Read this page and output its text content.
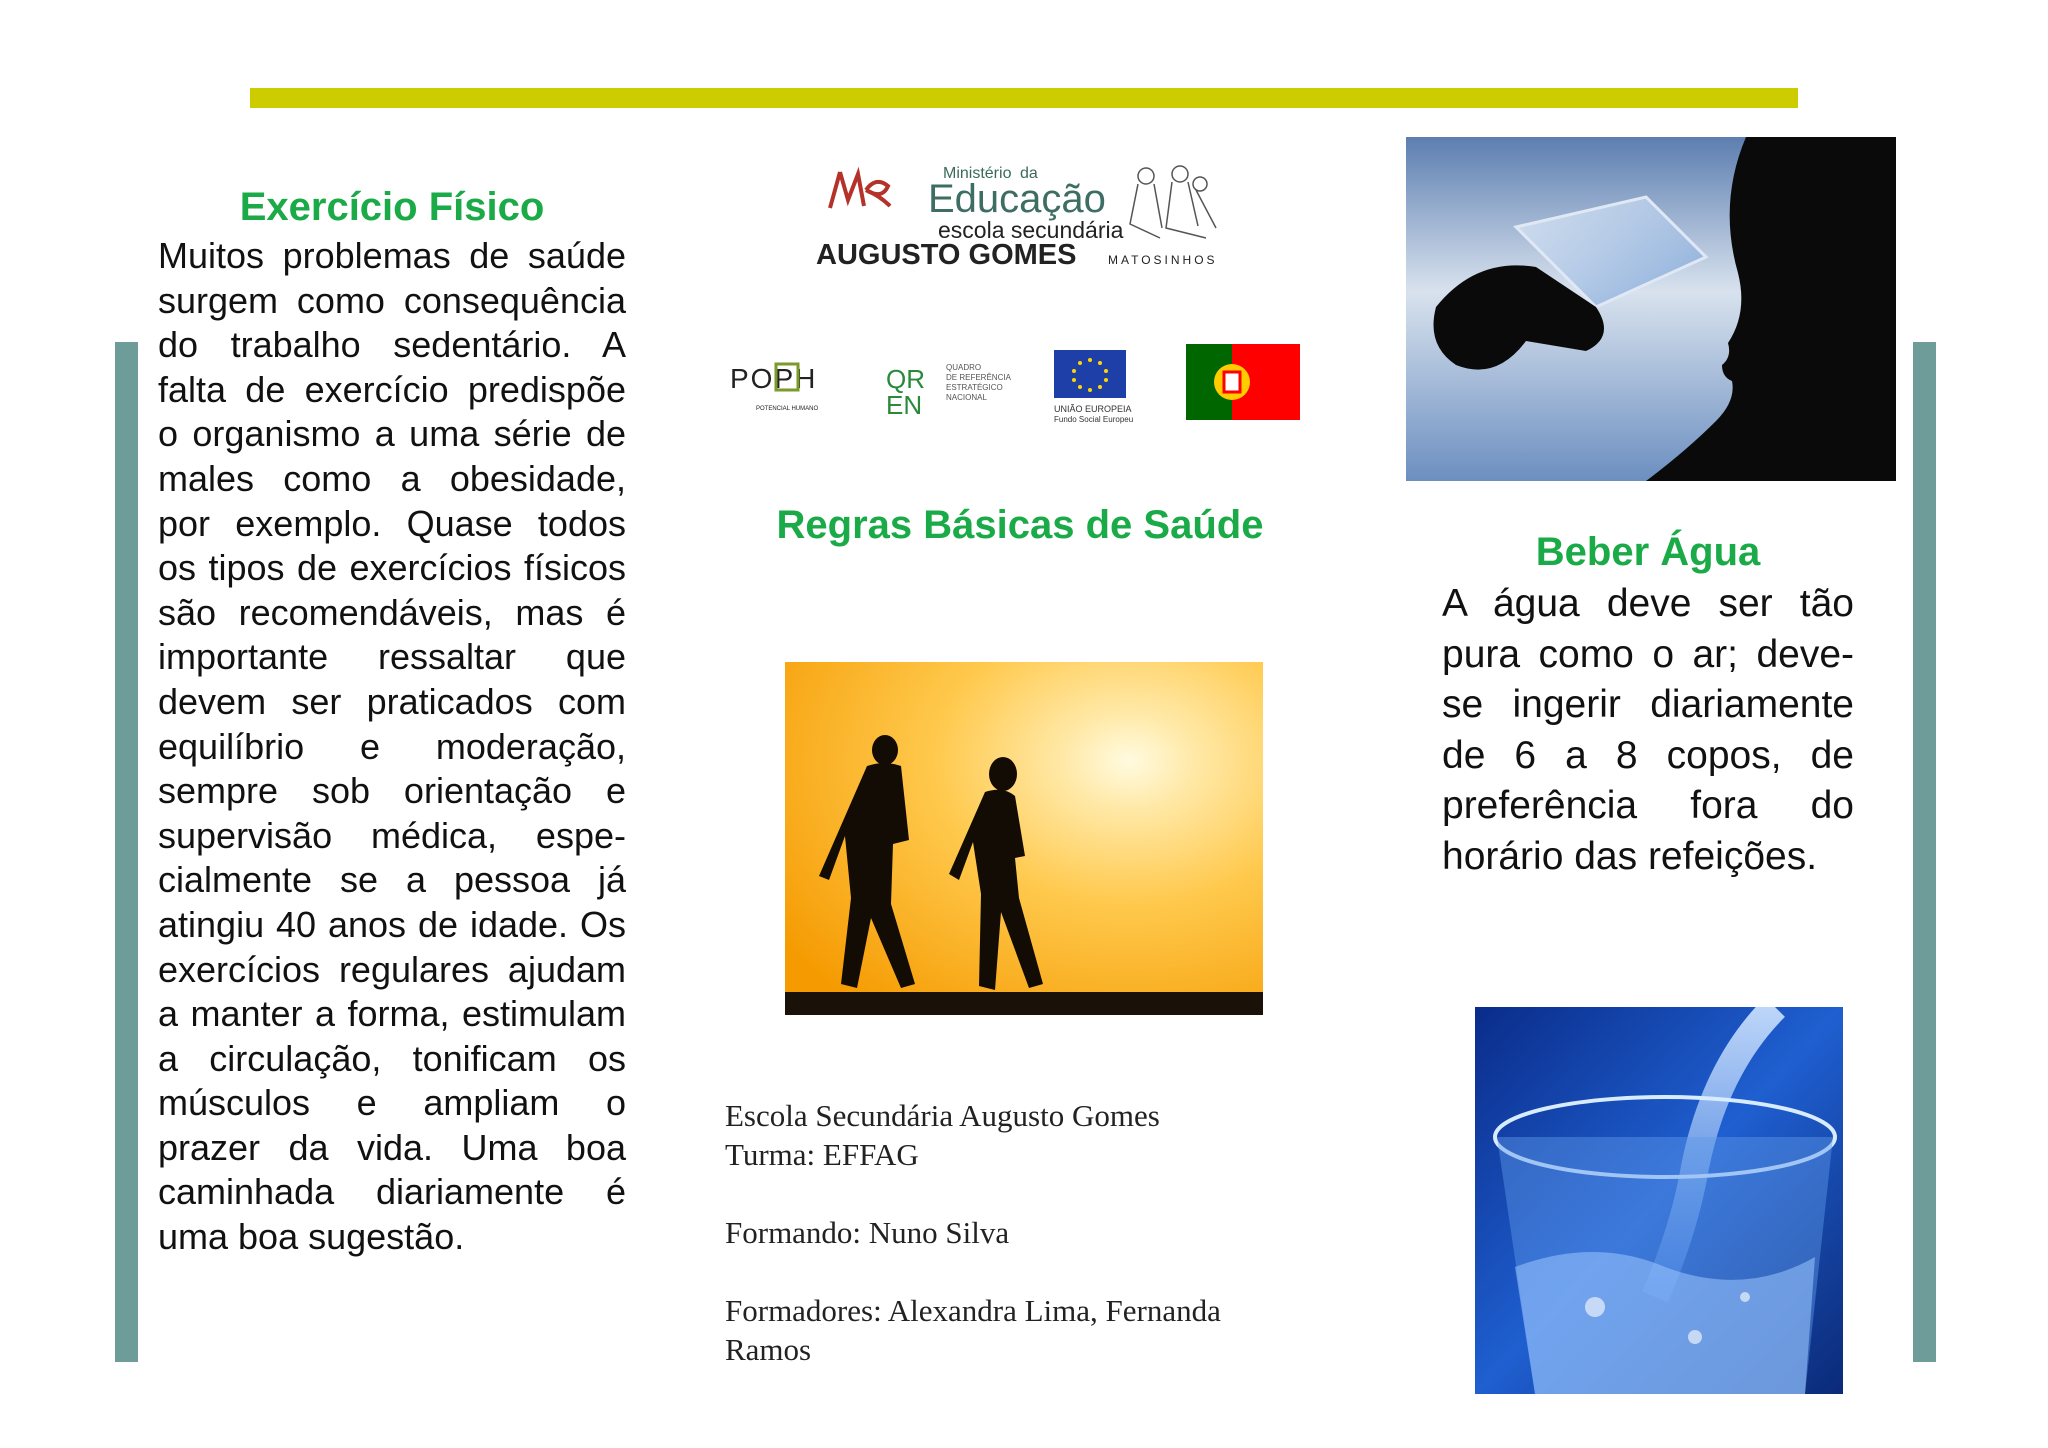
Exercício Físico
Muitos problemas de saúde surgem como consequência do trabalho sedentário. A falta de exercício predispõe o organismo a uma série de males como a obesidade, por exemplo. Quase todos os tipos de exercícios físicos são recomendáveis, mas é importante ressaltar que devem ser praticados com equilíbrio e moderação, sempre sob orientação e supervisão médica, especialmente se a pessoa já atingiu 40 anos de idade. Os exercícios regulares ajudam a manter a forma, estimulam a circulação, tonificam os músculos e ampliam o prazer da vida. Uma boa caminhada diariamente é uma boa sugestão.
Ministério da
Educação
escola secundária
AUGUSTO GOMES	MATOSINHOS
POPH
POTENCIAL HUMANO
QR
EN
QUADRO
DE REFERÊNCIA
ESTRATÉGICO
NACIONAL
UNIÃO EUROPEIA
Fundo Social Europeu
Regras Básicas de Saúde

Escola Secundária Augusto Gomes

Turma: EFFAG

Formando: Nuno Silva

Formadores: Alexandra Lima, Fernanda

Ramos

Beber Água
A água deve ser tão pura como o ar; deve-se ingerir diariamente de 6 a 8 copos, de preferência fora do horário das refeições.
